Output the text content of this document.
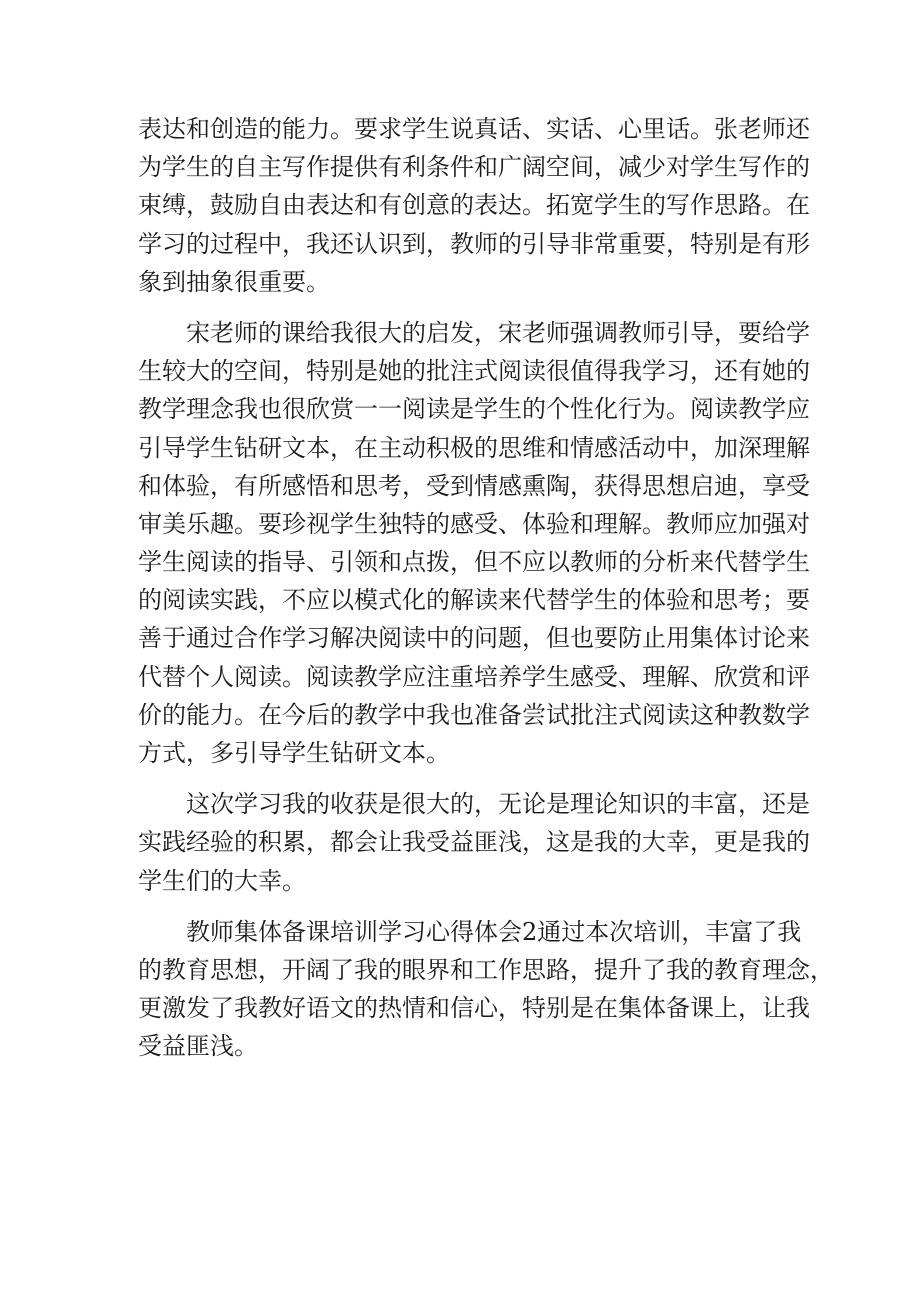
表达和创造的能力。要求学生说真话、实话、心里话。张老师还
为学生的自主写作提供有利条件和广阔空间，减少对学生写作的
束缚，鼓励自由表达和有创意的表达。拓宽学生的写作思路。在
学习的过程中，我还认识到，教师的引导非常重要，特别是有形
象到抽象很重要。
宋老师的课给我很大的启发，宋老师强调教师引导，要给学
生较大的空间，特别是她的批注式阅读很值得我学习，还有她的
教学理念我也很欣赏一一阅读是学生的个性化行为。阅读教学应
引导学生钻研文本，在主动积极的思维和情感活动中，加深理解
和体验，有所感悟和思考，受到情感熏陶，获得思想启迪，享受
审美乐趣。要珍视学生独特的感受、体验和理解。教师应加强对
学生阅读的指导、引领和点拨，但不应以教师的分析来代替学生
的阅读实践，不应以模式化的解读来代替学生的体验和思考；要
善于通过合作学习解决阅读中的问题，但也要防止用集体讨论来
代替个人阅读。阅读教学应注重培养学生感受、理解、欣赏和评
价的能力。在今后的教学中我也准备尝试批注式阅读这种教数学
方式，多引导学生钻研文本。
这次学习我的收获是很大的，无论是理论知识的丰富，还是
实践经验的积累，都会让我受益匪浅，这是我的大幸，更是我的
学生们的大幸。
教师集体备课培训学习心得体会2通过本次培训，丰富了我
的教育思想，开阔了我的眼界和工作思路，提升了我的教育理念，
更激发了我教好语文的热情和信心，特别是在集体备课上，让我
受益匪浅。
